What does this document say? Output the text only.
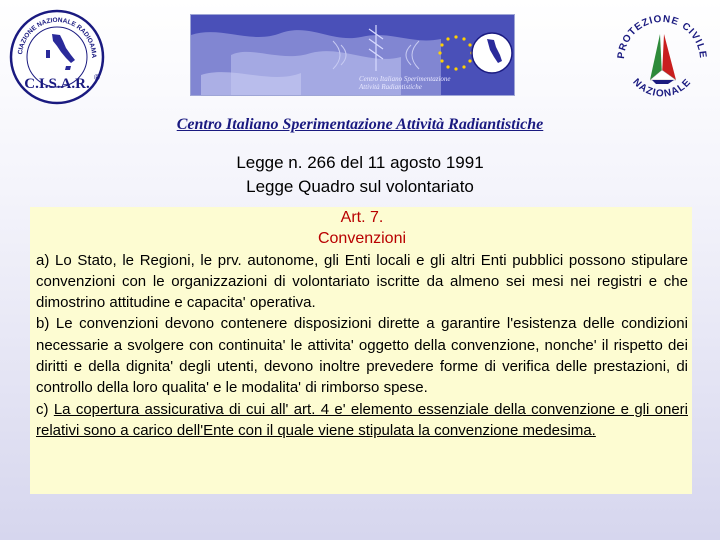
CIAZIONE NAZIONALE RADIOAMA
C.I.S.A.R. ®	Centro Italiano Sperimentazione
Attività Radiantistiche
PROTEZIONE CIVILE
NAZIONALE
Centro Italiano Sperimentazione Attività Radiantistiche
Legge n. 266 del 11 agosto 1991
Legge Quadro sul volontariato
Art. 7.
Convenzioni

a) Lo Stato, le Regioni, le prv. autonome, gli Enti locali e gli altri Enti pubblici possono stipulare convenzioni con le organizzazioni di volontariato iscritte da almeno sei mesi nei registri e che dimostrino attitudine e capacita' operativa.

b) Le convenzioni devono contenere disposizioni dirette a garantire l'esistenza delle condizioni necessarie a svolgere con continuita' le attivita' oggetto della convenzione, nonche' il rispetto dei diritti e della dignita' degli utenti, devono inoltre prevedere forme di verifica delle prestazioni, di controllo della loro qualita' e le modalita' di rimborso spese.

c) La copertura assicurativa di cui all' art. 4 e' elemento essenziale della convenzione e gli oneri relativi sono a carico dell'Ente con il quale viene stipulata la convenzione medesima.
